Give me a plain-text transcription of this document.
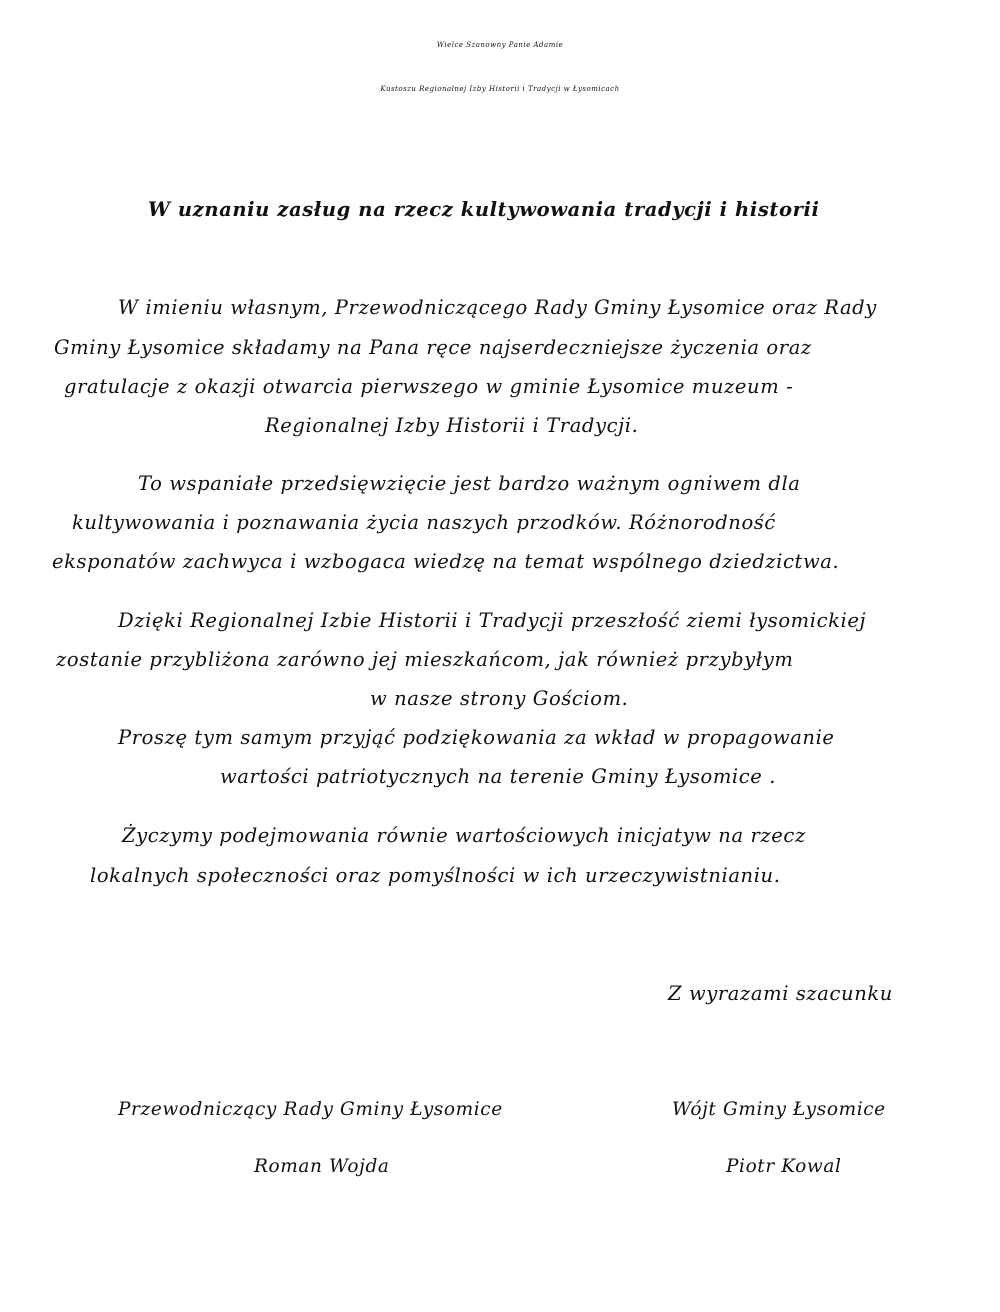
Wielce Szanowny Panie Adamie
Kustoszu Regionalnej Izby Historii i Tradycji w Łysomicach
W uznaniu zasług na rzecz kultywowania tradycji i historii
W imieniu własnym, Przewodniczącego Rady Gminy Łysomice oraz Rady
Gminy Łysomice składamy na Pana ręce najserdeczniejsze życzenia oraz
gratulacje z okazji otwarcia pierwszego w gminie Łysomice muzeum -
Regionalnej Izby Historii i Tradycji.
To wspaniałe przedsięwzięcie jest bardzo ważnym ogniwem dla
kultywowania i poznawania życia naszych przodków. Różnorodność
eksponatów zachwyca i wzbogaca wiedzę na temat wspólnego dziedzictwa.
Dzięki Regionalnej Izbie Historii i Tradycji przeszłość ziemi łysomickiej
zostanie przybliżona zarówno jej mieszkańcom, jak również przybyłym
w nasze strony Gościom.
Proszę tym samym przyjąć podziękowania za wkład w propagowanie
wartości patriotycznych na terenie Gminy Łysomice .
Życzymy podejmowania równie wartościowych inicjatyw na rzecz
lokalnych społeczności oraz pomyślności w ich urzeczywistnianiu.
Z wyrazami szacunku
Przewodniczący Rady Gminy Łysomice
Roman Wojda
Wójt Gminy Łysomice
Piotr Kowal
